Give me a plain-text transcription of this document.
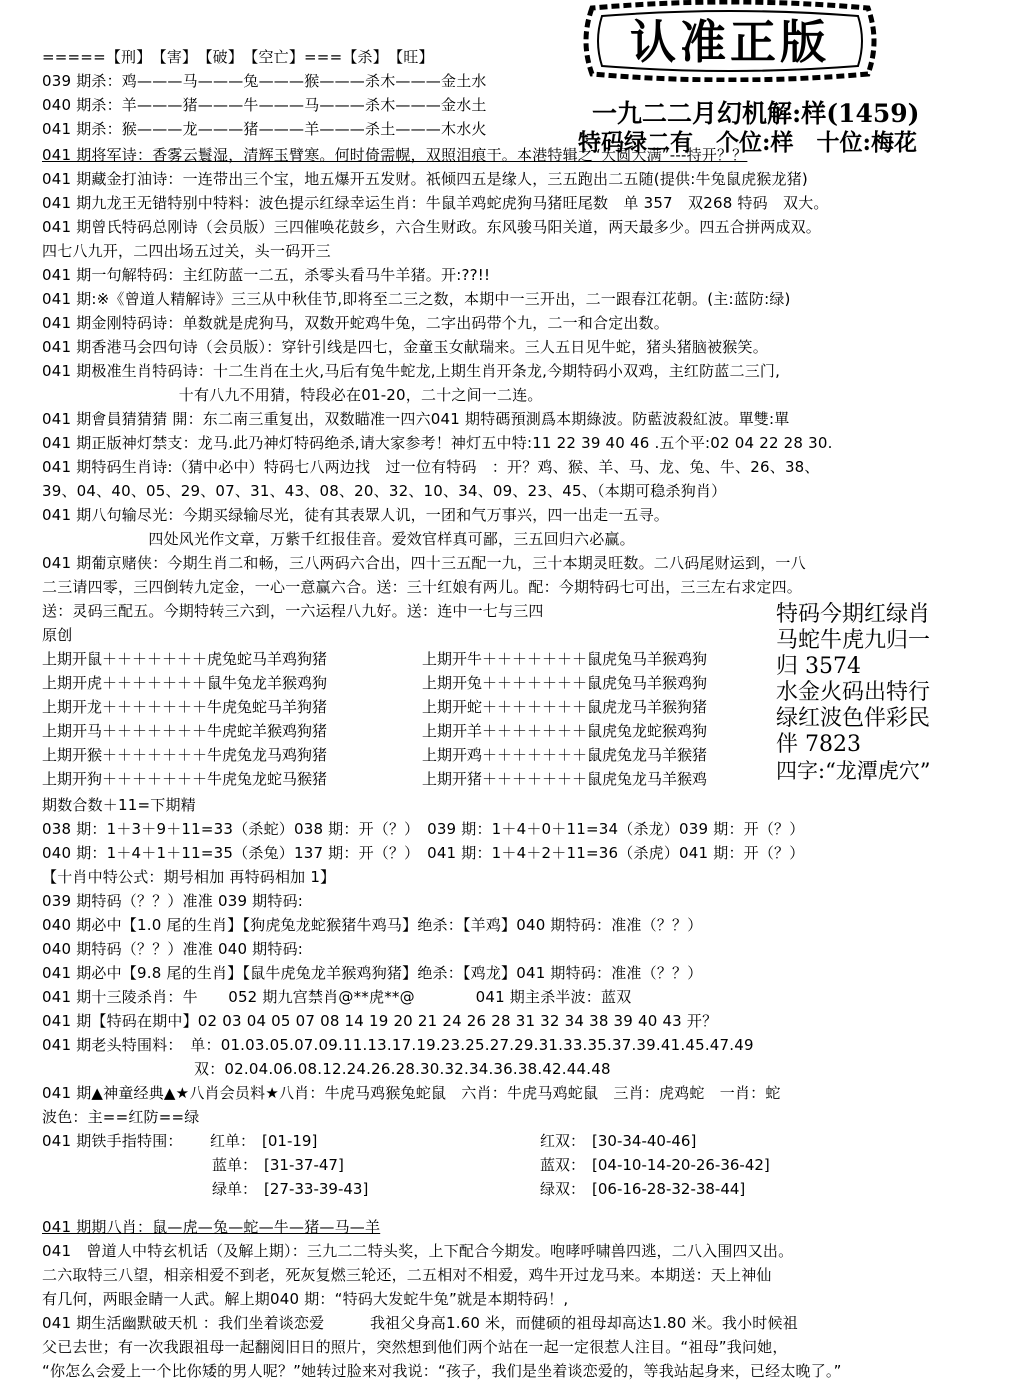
认准正版
=====【刑】　【害】　【破】　【空亡】===【杀】　【旺】
039 期杀：鸡———马———兔———猴———杀木———金土水
040 期杀：羊———猪———牛———马———杀木———金水土
041 期杀：猴———龙———猪———羊———杀土———木水火
一九二二月幻机解:样(1459)
特码绿二有　个位:样　十位:梅花
041 期将军诗：香雾云鬟湿，清辉玉臂寒。何时倚需幌，双照泪痕干。本港特辑之“大圆大满”---特开？？
041 期藏金打油诗：一连带出三个宝，地五爆开五发财。祇倾四五是缘人，三五跑出二五随(提供:牛兔鼠虎猴龙猪)
041 期九龙王无错特别中特料：波色提示红绿幸运生肖：牛鼠羊鸡蛇虎狗马猪旺尾数　单 357　双268 特码　双大。
041 期曾氏特码总刚诗（会员版）三四催唤花鼓乡，六合生财政。东风骏马阳关道，两天最多少。四五合拼两成双。
四七八九开，二四出场五过关，头一码开三
041 期一句解特码：主红防蓝一二五，杀零头看马牛羊猪。开:??!!
041 期:※《曾道人精解诗》三三从中秋佳节,即将至二三之数，本期中一三开出，二一跟春江花朝。(主:蓝防:绿)
041 期金刚特码诗：单数就是虎狗马，双数开蛇鸡牛兔，二字出码带个九，二一和合定出数。
041 期香港马会四句诗（会员版）：穿针引线是四七，金童玉女献瑞来。三人五日见牛蛇，猪头猪脑被猴笑。
041 期极准生肖特码诗：十二生肖在土火,马后有兔牛蛇龙,上期生肖开条龙,今期特码小双鸡，主红防蓝二三门,
　　　　　　　　　十有八九不用猜，特段必在01-20，二十之间一二连。
041 期會員猜猜猜 開：东二南三重复出，双数瞄准一四六041 期特碼預測爲本期綠波。防藍波殺紅波。單雙:單
041 期正版神灯禁支：龙马.此乃神灯特码绝杀,请大家参考！神灯五中特:11 22 39 40 46 .五个平:02 04 22 28 30.
041 期特码生肖诗:（猜中必中）特码七八两边找　过一位有特码　：开？鸡、猴、羊、马、龙、兔、牛、26、38、
39、04、40、05、29、07、31、43、08、20、32、10、34、09、23、45、（本期可稳杀狗肖）
041 期八句输尽光：今期买绿输尽光，徒有其表眾人讥，一团和气万事兴，四一出走一五寻。
　　　　　　　四处风光作文章，万紫千红报佳音。爱效官样真可鄙，三五回归六必赢。
041 期葡京赌侠：今期生肖二和畅，三八两码六合出，四十三五配一九，三十本期灵旺数。二八码尾财运到，一八
二三请四零，三四倒转九定金，一心一意赢六合。送：三十红娘有两儿。配：今期特码七可出，三三左右求定四。
送：灵码三配五。今期特转三六到，一六运程八九好。送：连中一七与三四
原创
上期开鼠＋＋＋＋＋＋＋虎兔蛇马羊鸡狗猪
上期开虎＋＋＋＋＋＋＋鼠牛兔龙羊猴鸡狗
上期开龙＋＋＋＋＋＋＋牛虎兔蛇马羊狗猪
上期开马＋＋＋＋＋＋＋牛虎蛇羊猴鸡狗猪
上期开猴＋＋＋＋＋＋＋牛虎兔龙马鸡狗猪
上期开狗＋＋＋＋＋＋＋牛虎兔龙蛇马猴猪
上期开牛＋＋＋＋＋＋＋鼠虎兔马羊猴鸡狗
上期开兔＋＋＋＋＋＋＋鼠虎兔马羊猴鸡狗
上期开蛇＋＋＋＋＋＋＋鼠虎龙马羊猴狗猪
上期开羊＋＋＋＋＋＋＋鼠虎兔龙蛇猴鸡狗
上期开鸡＋＋＋＋＋＋＋鼠虎兔龙马羊猴猪
上期开猪＋＋＋＋＋＋＋鼠虎兔龙马羊猴鸡
特码今期红绿肖
马蛇牛虎九归一
归 3574
水金火码出特行
绿红波色伴彩民
伴 7823
四字:“龙潭虎穴”
期数合数＋11=下期精
038 期：1＋3＋9＋11=33（杀蛇）038 期：开（？）　039 期：1＋4＋0＋11=34（杀龙）039 期：开（？）
040 期：1＋4＋1＋11=35（杀兔）137 期：开（？）　041 期：1＋4＋2＋11=36（杀虎）041 期：开（？）
【十肖中特公式：期号相加 再特码相加 1】
039 期特码（？？）准准 039 期特码:
040 期必中【1.0 尾的生肖】【狗虎兔龙蛇猴猪牛鸡马】绝杀：【羊鸡】040 期特码：准准（？？）
040 期特码（？？）准准 040 期特码:
041 期必中【9.8 尾的生肖】【鼠牛虎兔龙羊猴鸡狗猪】绝杀：【鸡龙】041 期特码：准准（？？）
041 期十三陵杀肖：牛　　052 期九宫禁肖@**虎**@　　　　041 期主杀半波：蓝双
041 期【特码在期中】02 03 04 05 07 08 14 19 20 21 24 26 28 31 32 34 38 39 40 43 开？
041 期老头特围料：　单：01.03.05.07.09.11.13.17.19.23.25.27.29.31.33.35.37.39.41.45.47.49
　　　　　　　　　　双：02.04.06.08.12.24.26.28.30.32.34.36.38.42.44.48
041 期▲神童经典▲★八肖会员料★八肖：牛虎马鸡猴兔蛇鼠　六肖：牛虎马鸡蛇鼠　三肖：虎鸡蛇　一肖：蛇
波色：主==红防==绿
041 期铁手指特围： 红单： [01-19]
蓝单： [31-37-47]
绿单： [27-33-39-43]
红双： [30-34-40-46]
蓝双： [04-10-14-20-26-36-42]
绿双： [06-16-28-32-38-44]
041 期期八肖：鼠—虎—兔—蛇—牛—猪—马—羊
041　曾道人中特玄机话（及解上期）：三九二二特头奖，上下配合今期发。咆哮呼啸兽四逃，二八入围四又出。
二六取特三八望，相亲相爱不到老，死灰复燃三轮还，二五相对不相爱，鸡牛开过龙马来。本期送：天上神仙
有几何，两眼金睛一人武。解上期040 期：“特码大发蛇牛兔”就是本期特码！,
041 期生活幽默破天机 ：我们坐着谈恋爱　　　我祖父身高1.60 米，而健硕的祖母却高达1.80 米。我小时候祖
父已去世；有一次我跟祖母一起翻阅旧日的照片，突然想到他们两个站在一起一定很惹人注目。“祖母”我问她，
“你怎么会爱上一个比你矮的男人呢？”她转过脸来对我说：“孩子，我们是坐着谈恋爱的，等我站起身来，已经太晚了。”
